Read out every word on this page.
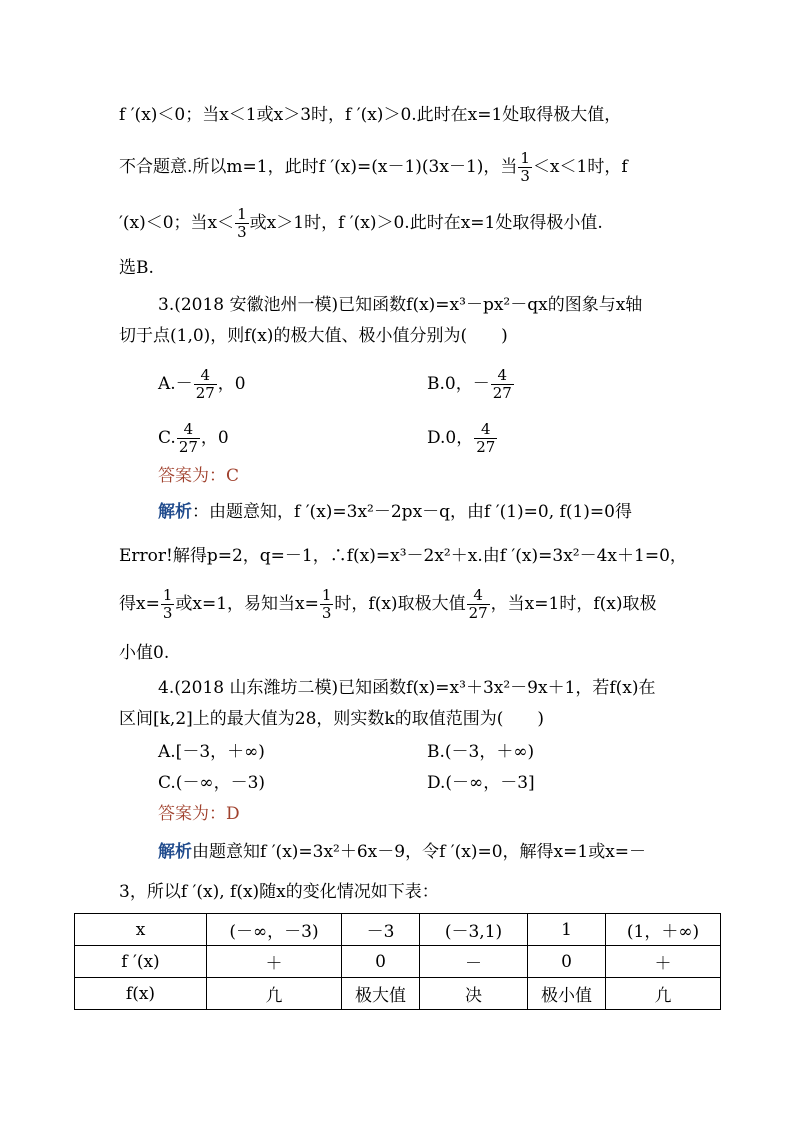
f ′(x)＜0；当x＜1或x＞3时，f ′(x)＞0.此时在x=1处取得极大值，
不合题意.所以m=1，此时f ′(x)=(x－1)(3x－1)，当 $\frac{1}{3} <x<1$时，f
′(x)＜0；当$x< \frac{1}{3}$ 或x＞1时，f ′(x)＞0.此时在x=1处取得极小值.
选B.
3.(2018 安徽池州一模)已知函数f(x)=x³－px²－qx的图象与x轴
切于点(1,0)，则f(x)的极大值、极小值分别为(　　)
$A.- \frac{4}{27}$ ，0	B.0，－ $\frac{4}{27}$
C. $\frac{4}{27}$ ，0	D.0， $\frac{4}{27}$
答案为：C
解析：由题意知，f ′(x)=3x²－2px－q，由f ′(1)=0, f(1)=0得
Error!解得p=2，q=－1，∴f(x)=x³－2x²＋x.由f ′(x)=3x²－4x＋1=0，
得$x= \frac{1}{3}$ 或x=1，易知当$x= \frac{1}{3}$ 时，f(x)取极大值 $\frac{4}{27}$ ，当x=1时，f(x)取极
小值0.
4.(2018 山东潍坊二模)已知函数f(x)=x³＋3x²－9x＋1，若f(x)在
区间[k,2]上的最大值为28，则实数k的取值范围为(　　)
A.[－3，＋∞)	B.(－3，＋∞)
C.(－∞，－3)	D.(－∞，－3]
答案为：D
解析由题意知f ′(x)=3x²＋6x－9，令f ′(x)=0，解得x=1或x=－
3，所以f ′(x), f(x)随x的变化情况如下表：
x	(－∞，－3)	－3	(－3,1)	1	(1，＋∞)
f ′(x)	＋	0	－	0	＋
f(x)	凢	极大值	决	极小值	凢
